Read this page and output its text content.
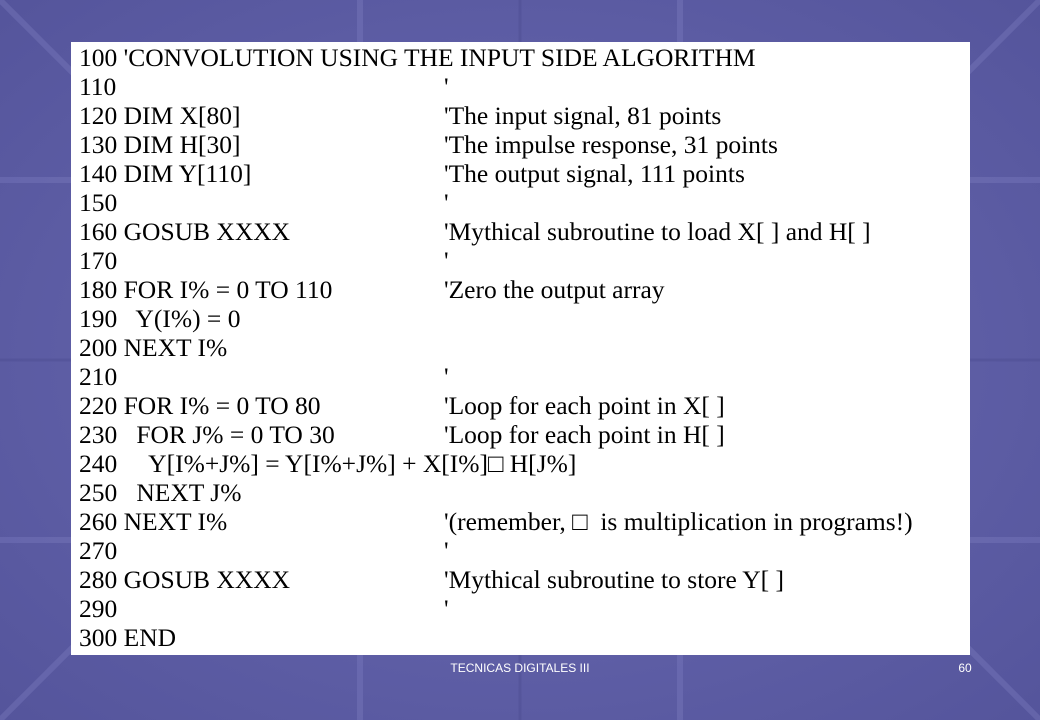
100 'CONVOLUTION USING THE INPUT SIDE ALGORITHM
110	'
120 DIM X[80]	'The input signal, 81 points
130 DIM H[30]	'The impulse response, 31 points
140 DIM Y[110]	'The output signal, 111 points
150	'
160 GOSUB XXXX	'Mythical subroutine to load X[ ] and H[ ]
170	'
180 FOR I% = 0 TO 110	'Zero the output array
190   Y(I%) = 0
200 NEXT I%
210	'
220 FOR I% = 0 TO 80	'Loop for each point in X[ ]
230   FOR J% = 0 TO 30	'Loop for each point in H[ ]
240     Y[I%+J%] = Y[I%+J%] + X[I%]□ H[J%]
250   NEXT J%
260 NEXT I%	'(remember, □  is multiplication in programs!)
270	'
280 GOSUB XXXX	'Mythical subroutine to store Y[ ]
290	'
300 END
TECNICAS DIGITALES III	60
